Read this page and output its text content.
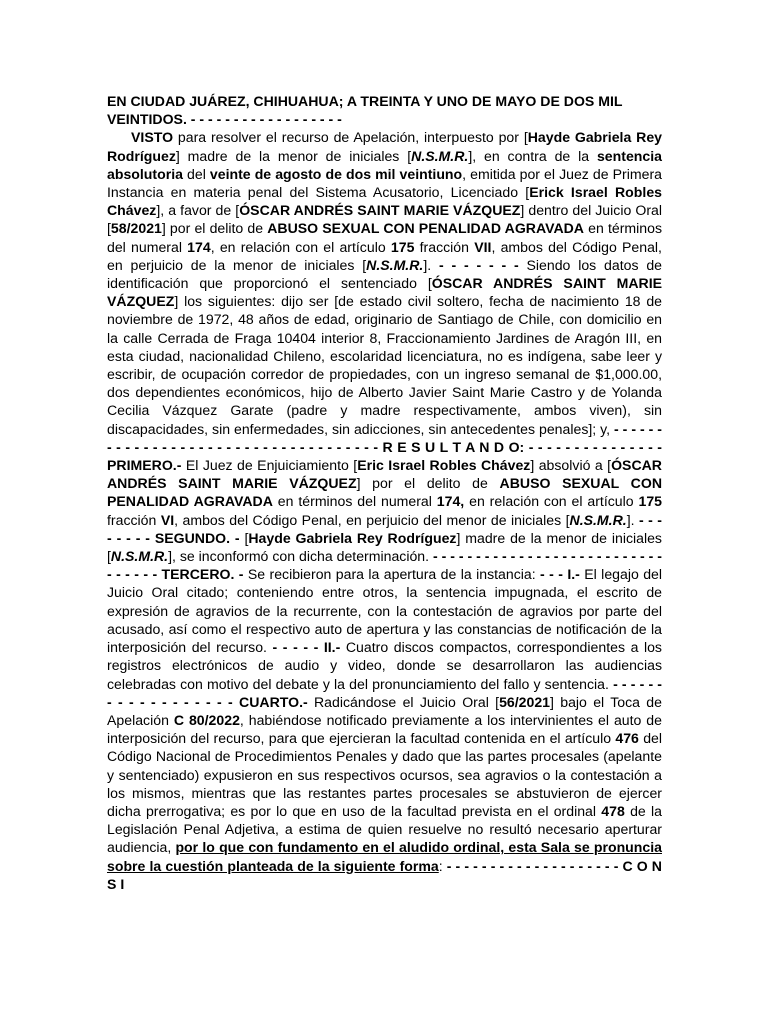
EN CIUDAD JUÁREZ, CHIHUAHUA; A TREINTA Y UNO DE MAYO DE DOS MIL VEINTIDOS. - - - - - - - - - - - - - - - - - -

VISTO para resolver el recurso de Apelación, interpuesto por [Hayde Gabriela Rey Rodríguez] madre de la menor de iniciales [N.S.M.R.], en contra de la sentencia absolutoria del veinte de agosto de dos mil veintiuno, emitida por el Juez de Primera Instancia en materia penal del Sistema Acusatorio, Licenciado [Erick Israel Robles Chávez], a favor de [ÓSCAR ANDRÉS SAINT MARIE VÁZQUEZ] dentro del Juicio Oral [58/2021] por el delito de ABUSO SEXUAL CON PENALIDAD AGRAVADA en términos del numeral 174, en relación con el artículo 175 fracción VII, ambos del Código Penal, en perjuicio de la menor de iniciales [N.S.M.R.]. - - - - - - - Siendo los datos de identificación que proporcionó el sentenciado [ÓSCAR ANDRÉS SAINT MARIE VÁZQUEZ] los siguientes: dijo ser [de estado civil soltero, fecha de nacimiento 18 de noviembre de 1972, 48 años de edad, originario de Santiago de Chile, con domicilio en la calle Cerrada de Fraga 10404 interior 8, Fraccionamiento Jardines de Aragón III, en esta ciudad, nacionalidad Chileno, escolaridad licenciatura, no es indígena, sabe leer y escribir, de ocupación corredor de propiedades, con un ingreso semanal de $1,000.00, dos dependientes económicos, hijo de Alberto Javier Saint Marie Castro y de Yolanda Cecilia Vázquez Garate (padre y madre respectivamente, ambos viven), sin discapacidades, sin enfermedades, sin adicciones, sin antecedentes penales]; y, - - - - - - - - - - - - - - - - - - - - - - - - - - - - - - - - - - - - R E S U L T A N D O: - - - - - - - - - - - - - - - PRIMERO.- El Juez de Enjuiciamiento [Eric Israel Robles Chávez] absolvió a [ÓSCAR ANDRÉS SAINT MARIE VÁZQUEZ] por el delito de ABUSO SEXUAL CON PENALIDAD AGRAVADA en términos del numeral 174, en relación con el artículo 175 fracción VI, ambos del Código Penal, en perjuicio del menor de iniciales [N.S.M.R.]. - - - - - - - - SEGUNDO. - [Hayde Gabriela Rey Rodríguez] madre de la menor de iniciales [N.S.M.R.], se inconformó con dicha determinación. - - - - - - - - - - - - - - - - - - - - - - - - - - - - - - - - - TERCERO. - Se recibieron para la apertura de la instancia: - - - I.- El legajo del Juicio Oral citado; conteniendo entre otros, la sentencia impugnada, el escrito de expresión de agravios de la recurrente, con la contestación de agravios por parte del acusado, así como el respectivo auto de apertura y las constancias de notificación de la interposición del recurso. - - - - - II.- Cuatro discos compactos, correspondientes a los registros electrónicos de audio y video, donde se desarrollaron las audiencias celebradas con motivo del debate y la del pronunciamiento del fallo y sentencia. - - - - - - - - - - - - - - - - - - CUARTO.- Radicándose el Juicio Oral [56/2021] bajo el Toca de Apelación C 80/2022, habiéndose notificado previamente a los intervinientes el auto de interposición del recurso, para que ejercieran la facultad contenida en el artículo 476 del Código Nacional de Procedimientos Penales y dado que las partes procesales (apelante y sentenciado) expusieron en sus respectivos ocursos, sea agravios o la contestación a los mismos, mientras que las restantes partes procesales se abstuvieron de ejercer dicha prerrogativa; es por lo que en uso de la facultad prevista en el ordinal 478 de la Legislación Penal Adjetiva, a estima de quien resuelve no resultó necesario aperturar audiencia, por lo que con fundamento en el aludido ordinal, esta Sala se pronuncia sobre la cuestión planteada de la siguiente forma: - - - - - - - - - - - - - - - - - - - - C O N S I
